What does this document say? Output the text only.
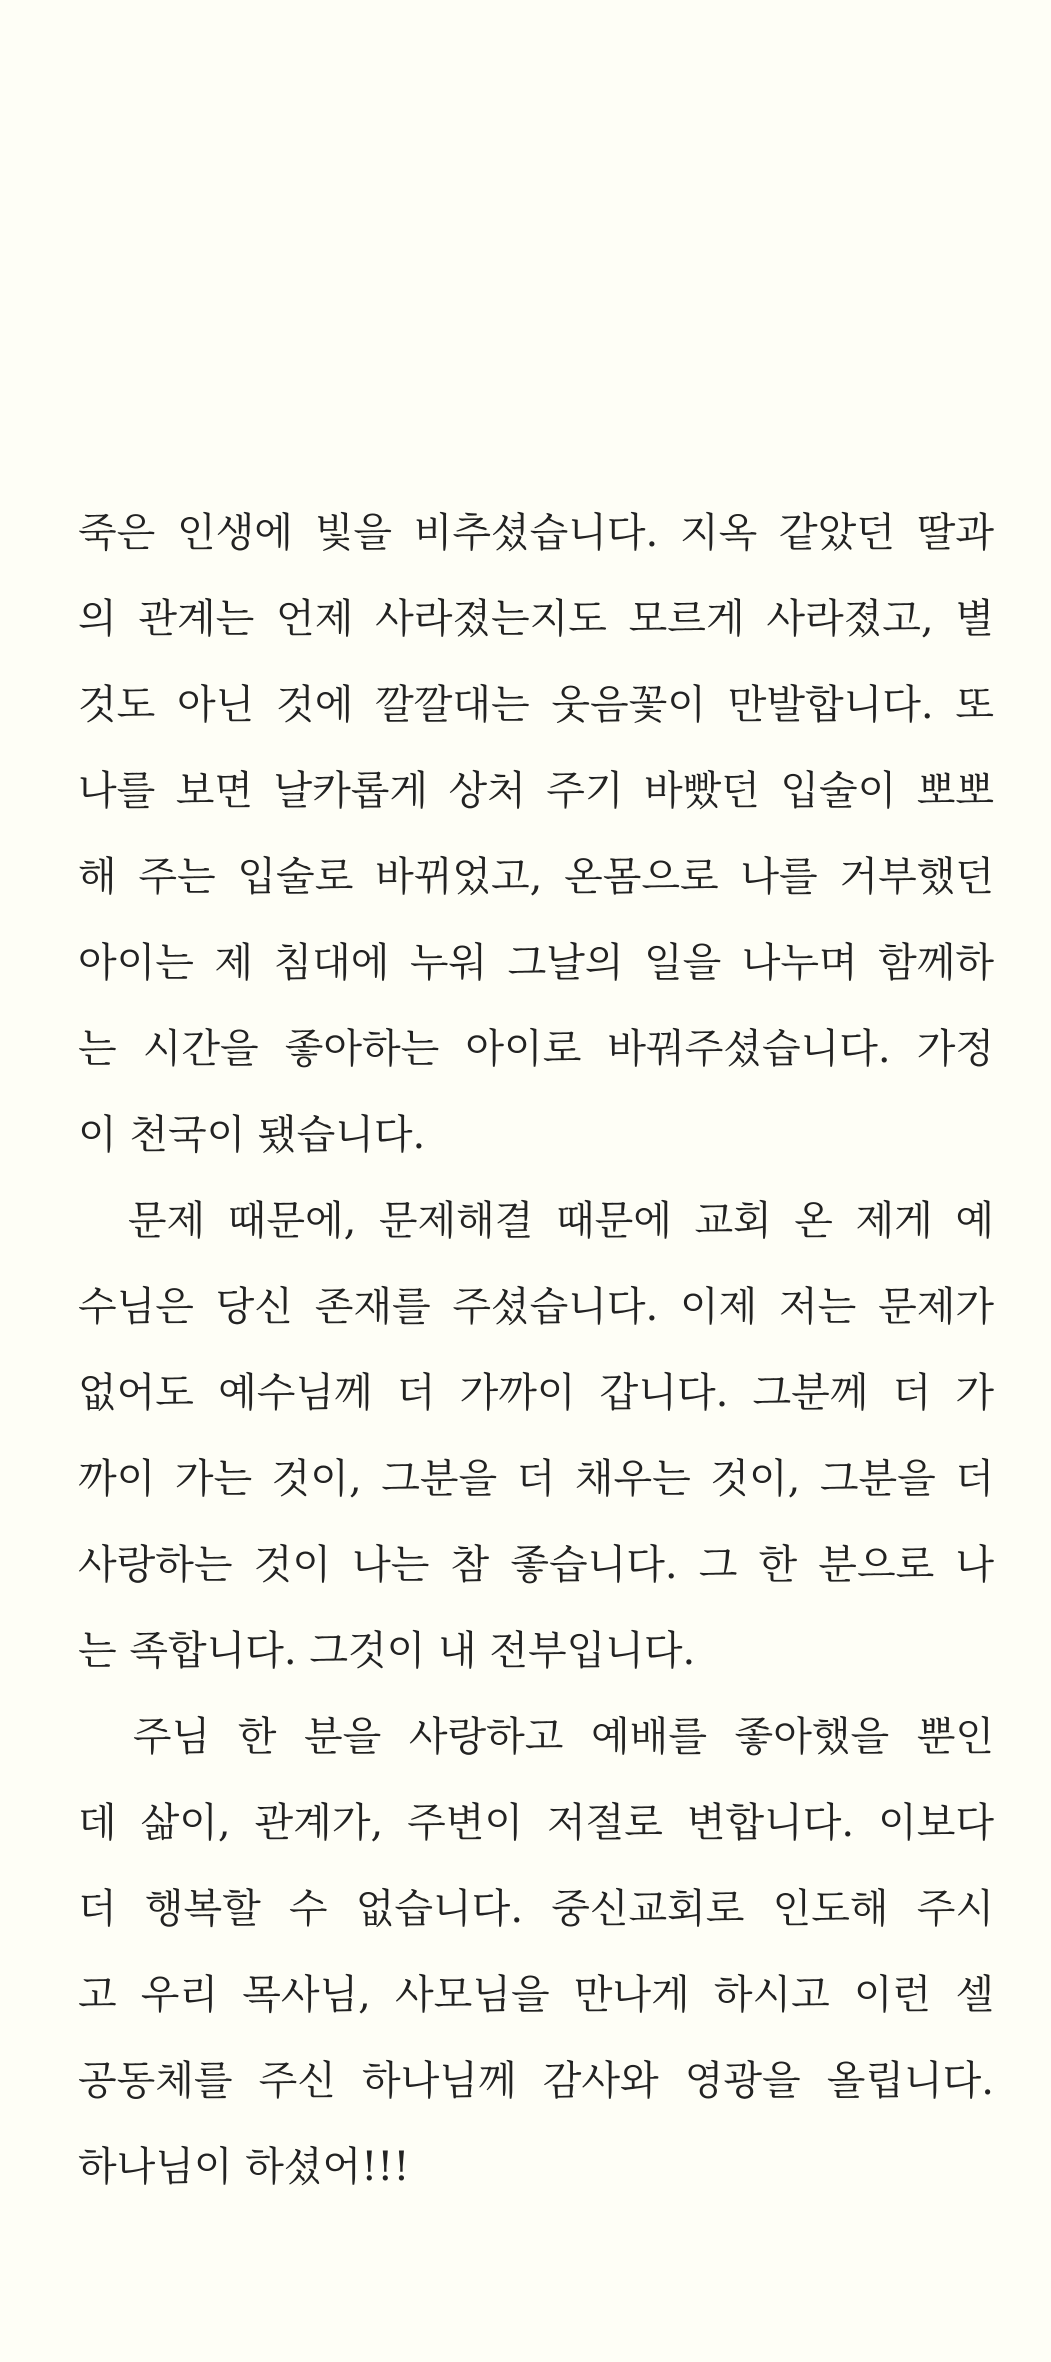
죽은 인생에 빛을 비추셨습니다. 지옥 같았던 딸과
의 관계는 언제 사라졌는지도 모르게 사라졌고, 별
것도 아닌 것에 깔깔대는 웃음꽃이 만발합니다. 또
나를 보면 날카롭게 상처 주기 바빴던 입술이 뽀뽀
해 주는 입술로 바뀌었고, 온몸으로 나를 거부했던
아이는 제 침대에 누워 그날의 일을 나누며 함께하
는 시간을 좋아하는 아이로 바꿔주셨습니다. 가정
이 천국이 됐습니다.
　문제 때문에, 문제해결 때문에 교회 온 제게 예
수님은 당신 존재를 주셨습니다. 이제 저는 문제가
없어도 예수님께 더 가까이 갑니다. 그분께 더 가
까이 가는 것이, 그분을 더 채우는 것이, 그분을 더
사랑하는 것이 나는 참 좋습니다. 그 한 분으로 나
는 족합니다. 그것이 내 전부입니다.
　주님 한 분을 사랑하고 예배를 좋아했을 뿐인
데 삶이, 관계가, 주변이 저절로 변합니다. 이보다
더 행복할 수 없습니다. 중신교회로 인도해 주시
고 우리 목사님, 사모님을 만나게 하시고 이런 셀
공동체를 주신 하나님께 감사와 영광을 올립니다.
하나님이 하셨어!!!
